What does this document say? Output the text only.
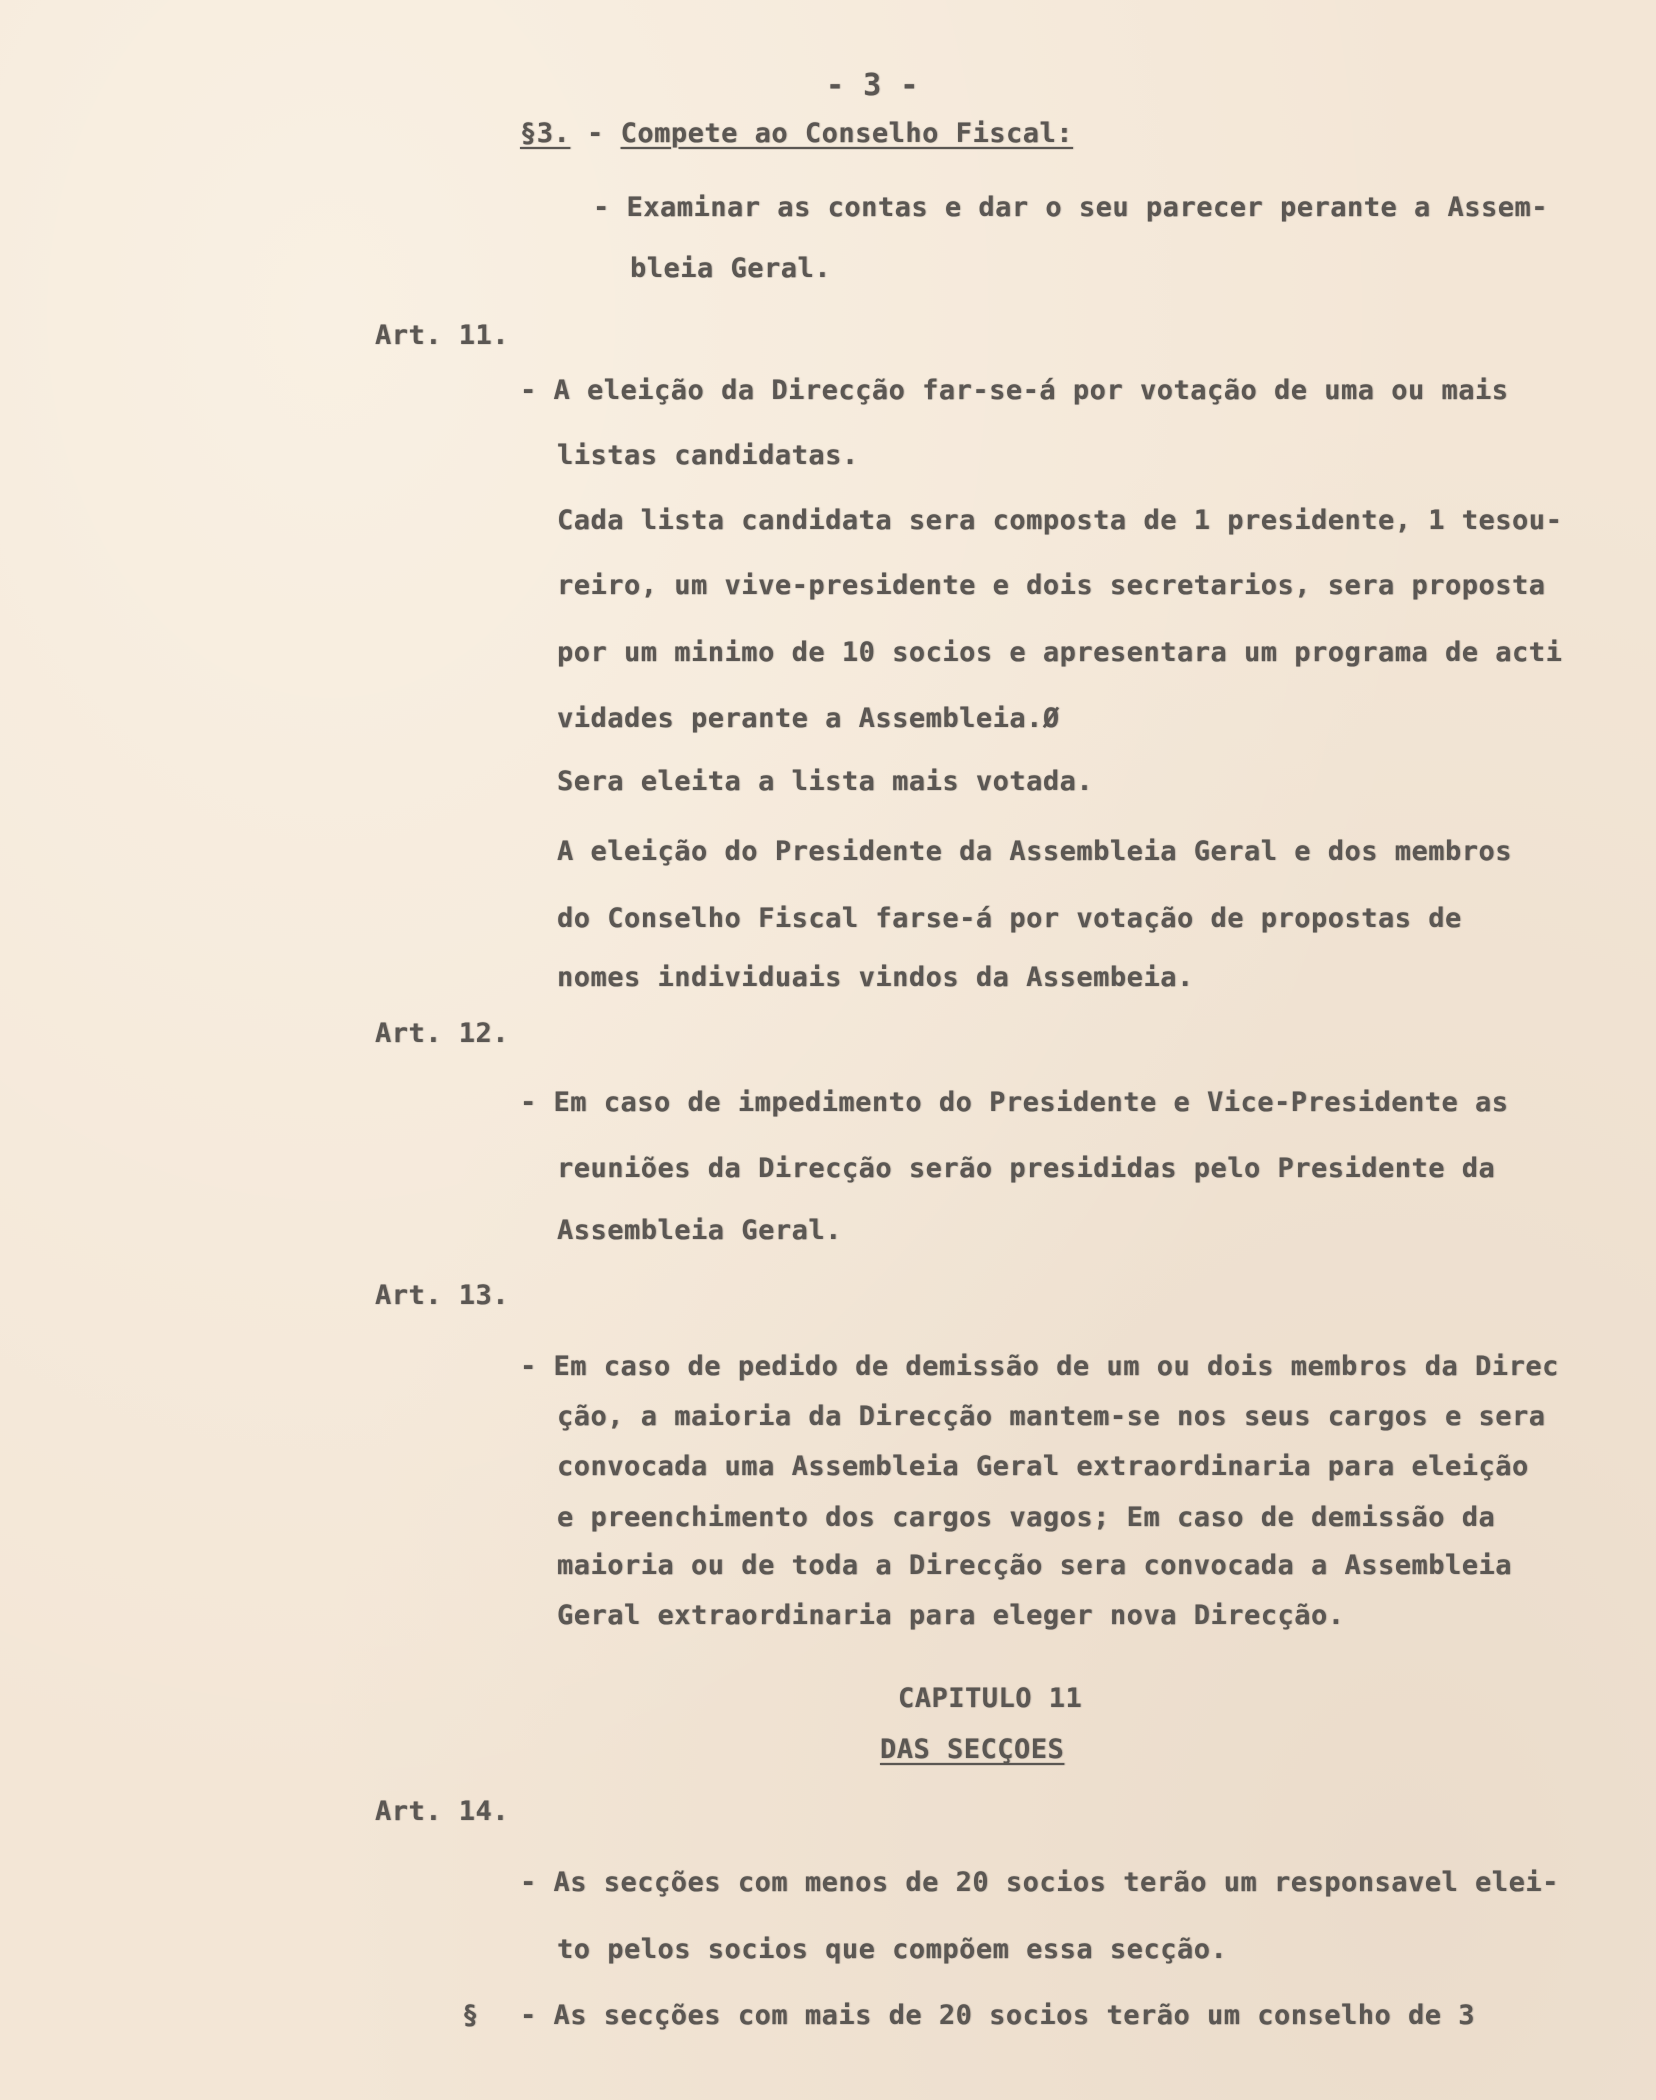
- 3 -
§3. - Compete ao Conselho Fiscal:
- Examinar as contas e dar o seu parecer perante a Assem-
bleia Geral.
Art. 11.
- A eleição da Direcção far-se-á por votação de uma ou mais
listas candidatas.
Cada lista candidata sera composta de 1 presidente, 1 tesou-
reiro, um vive-presidente e dois secretarios, sera proposta
por um minimo de 10 socios e apresentara um programa de acti
vidades perante a Assembleia.Ø
Sera eleita a lista mais votada.
A eleição do Presidente da Assembleia Geral e dos membros
do Conselho Fiscal farse-á por votação de propostas de
nomes individuais vindos da Assembeia.
Art. 12.
- Em caso de impedimento do Presidente e Vice-Presidente as
reuniões da Direcção serão presididas pelo Presidente da
Assembleia Geral.
Art. 13.
- Em caso de pedido de demissão de um ou dois membros da Direc
ção, a maioria da Direcção mantem-se nos seus cargos e sera
convocada uma Assembleia Geral extraordinaria para eleição
e preenchimento dos cargos vagos; Em caso de demissão da
maioria ou de toda a Direcção sera convocada a Assembleia
Geral extraordinaria para eleger nova Direcção.
CAPITULO 11
DAS SECÇOES
Art. 14.
- As secções com menos de 20 socios terão um responsavel elei-
to pelos socios que compõem essa secção.
§ - As secções com mais de 20 socios terão um conselho de 3
